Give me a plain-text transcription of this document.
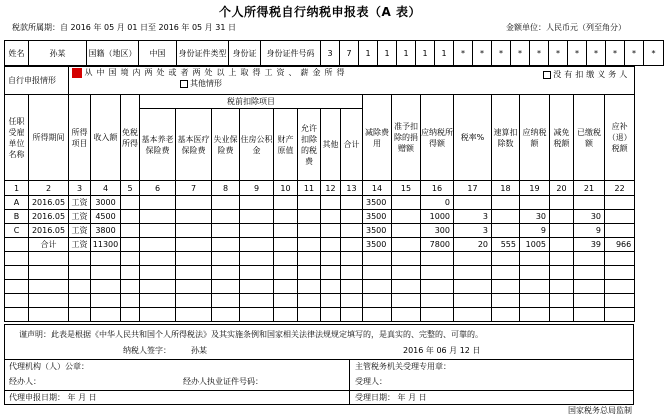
个人所得税自行纳税申报表（A 表）
税款所属期：自 2016 年 05 月 01 日至 2016 年 05 月 31 日	金额单位：人民币元（列至角分）
姓名	孙某	国籍（地区）	中国	身份证件类型	身份证	身份证件号码	3	7	1	1	1	1	1	*	*	*	*	*	*	*	*	*	*	*
自行申报情形		从中国境内两处或者两处以上取得工资、薪金所得 没有扣缴义务人
其他情形																			

任职受雇单位名称	所得期间	所得项目	收入额	免税所得	税前扣除项目								减除费用	准予扣除的捐赠额	应纳税所得额	税率%	速算扣除数	应纳税额	减免税额	已缴税额	应补（退）税额
					基本养老保险费	基本医疗保险费	失业保险费	住房公积金	财产原值	允许扣除的税费	其他	合计									
1	2	3	4	5	6	7	8	9	10	11	12	13	14	15	16	17	18	19	20	21	22
A	2016.05	工资	3000										3500		0						
B	2016.05	工资	4500										3500		1000	3		30		30	
C	2016.05	工资	3800										3500		300	3		9		9	
	合计	工资	11300										3500		7800	20	555	1005		39	966

谨声明：此表是根据《中华人民共和国个人所得税法》及其实施条例和国家相关法律法规规定填写的，是真实的、完整的、可靠的。
纳税人签字：	孙某	2016 年 06 月 12 日
代理机构（人）公章：
经办人：	经办人执业证件号码：
代理申报日期： 年 月 日
主管税务机关受理专用章：
受理人：
受理日期： 年 月 日
国家税务总局监制
